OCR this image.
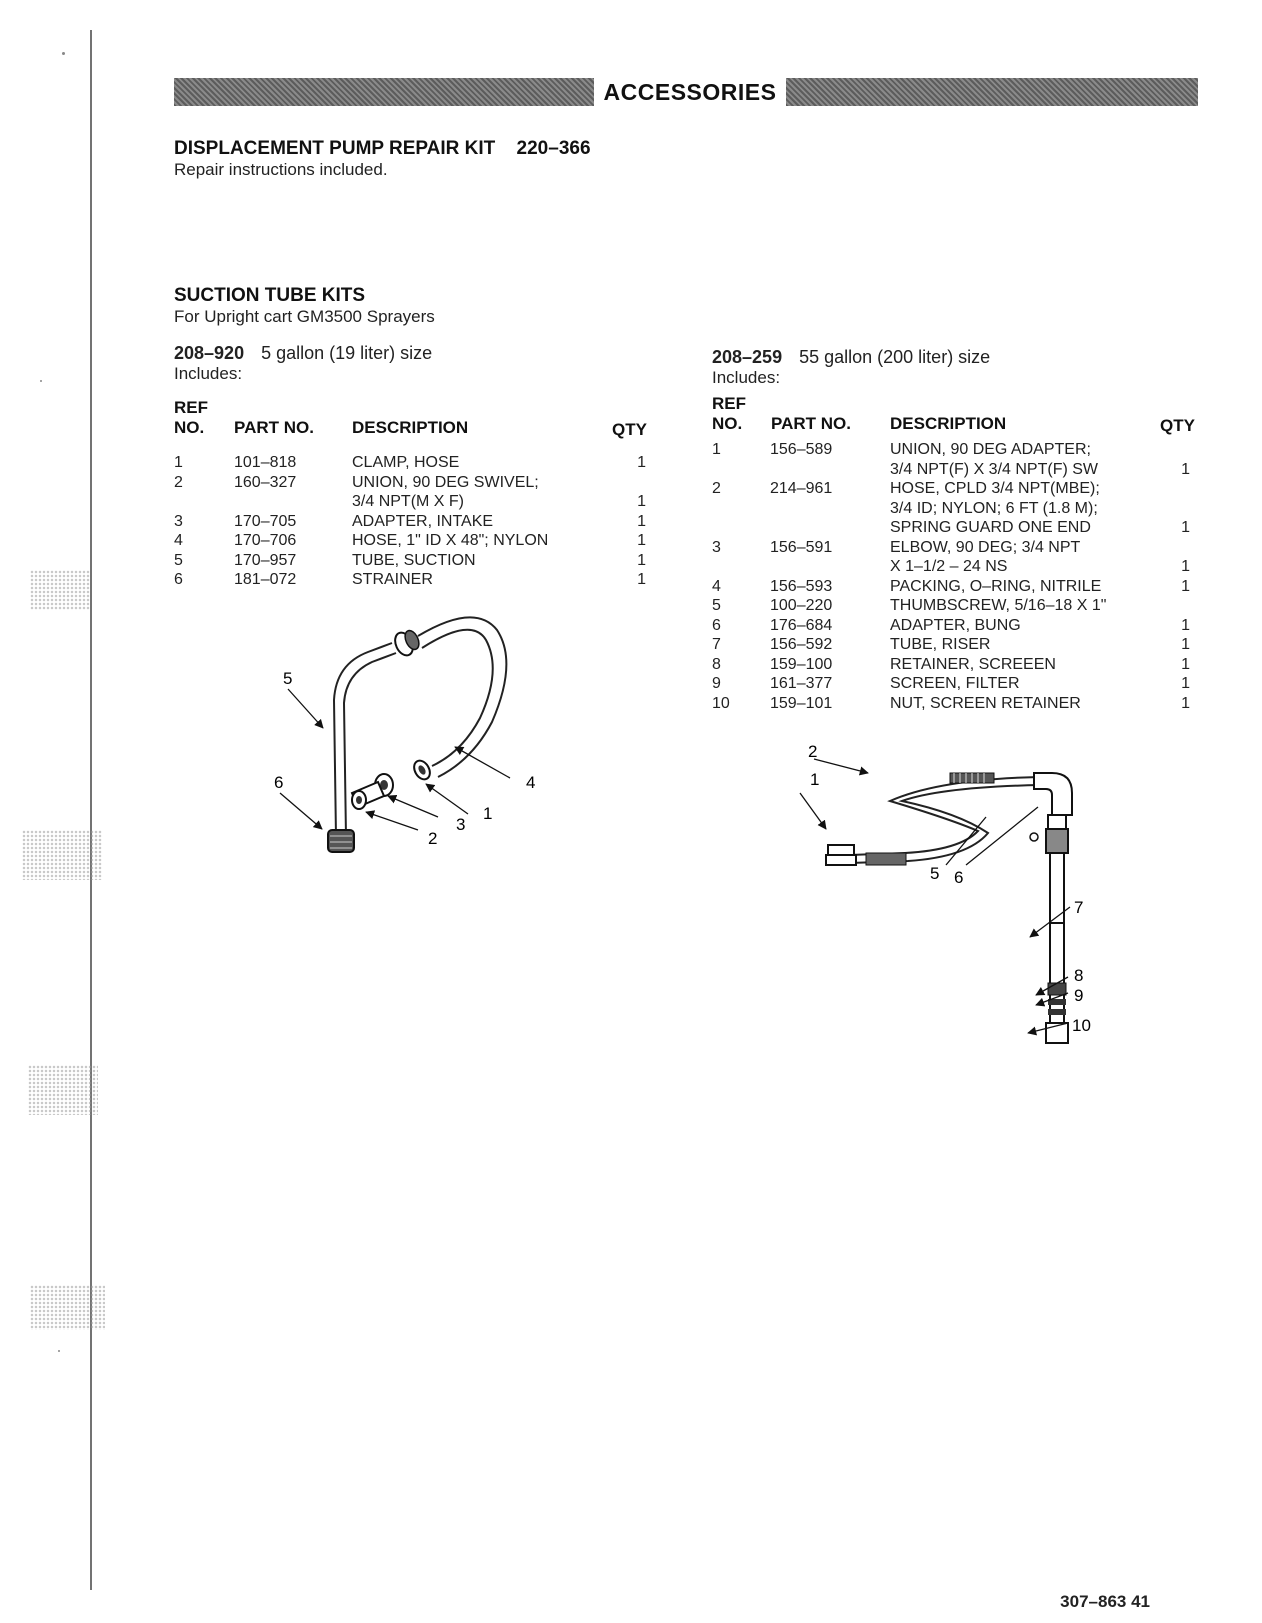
ACCESSORIES
DISPLACEMENT PUMP REPAIR KIT 220–366
Repair instructions included.
SUCTION TUBE KITS
For Upright cart GM3500 Sprayers
208–920 5 gallon (19 liter) size
Includes:
REF
NO. PART NO. DESCRIPTION	QTY
1	101–818	CLAMP, HOSE	1
2	160–327	UNION, 90 DEG SWIVEL;
3/4 NPT(M X F)	1
3	170–705	ADAPTER, INTAKE	1
4	170–706	HOSE, 1" ID X 48"; NYLON	1
5	170–957	TUBE, SUCTION	1
6	181–072	STRAINER	1
208–259 55 gallon (200 liter) size
Includes:
REF
NO. PART NO. DESCRIPTION	QTY
1	156–589	UNION, 90 DEG ADAPTER;
3/4 NPT(F) X 3/4 NPT(F) SW	1
2	214–961	HOSE, CPLD 3/4 NPT(MBE);
3/4 ID; NYLON; 6 FT (1.8 M);
SPRING GUARD ONE END	1
3	156–591	ELBOW, 90 DEG; 3/4 NPT
X 1–1/2 – 24 NS	1
4	156–593	PACKING, O–RING, NITRILE	1
5	100–220	THUMBSCREW, 5/16–18 X 1"
6	176–684	ADAPTER, BUNG	1
7	156–592	TUBE, RISER	1
8	159–100	RETAINER, SCREEEN	1
9	161–377	SCREEN, FILTER	1
10	159–101	NUT, SCREEN RETAINER	1
1
2
3
4
5
6	1
2
5 6
7
8
9
10
307–863 41
